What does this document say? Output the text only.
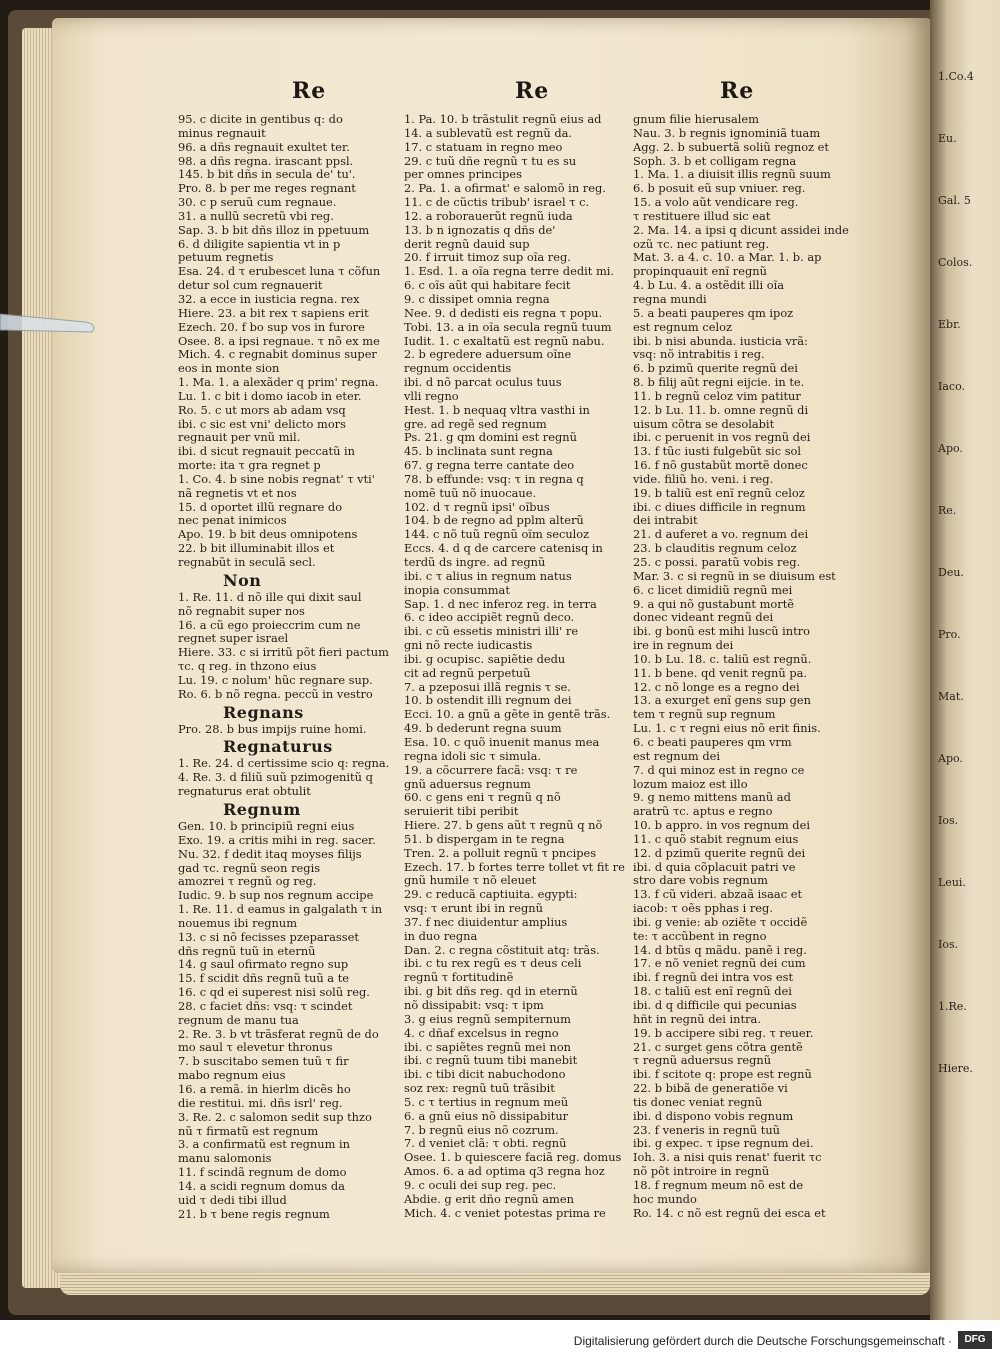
1.Co.4
Eu.
Gal. 5
Colos.
Ebr.
Iaco.
Apo.
Re.
Deu.
Pro.
Mat.
Apo.
Ios.
Leui.
Ios.
1.Re.
Hiere.
Re	Re	Re
95. c dicite in gentibus q: do
minus regnauit
96. a dñs regnauit exultet ter.
98. a dñs regna. irascant ppsl.
145. b bit dñs in secula de' tu'.
Pro. 8. b per me reges regnant
30. c p seruũ cum regnaue.
31. a nullũ secretũ vbi reg.
Sap. 3. b bit dñs illoz in ppetuum
6. d diligite sapientia vt in p
petuum regnetis
Esa. 24. d τ erubescet luna τ cõfun
detur sol cum regnauerit
32. a ecce in iusticia regna. rex
Hiere. 23. a bit rex τ sapiens erit
Ezech. 20. f bo sup vos in furore
Osee. 8. a ipsi regnaue. τ nõ ex me
Mich. 4. c regnabit dominus super
eos in monte sion
1. Ma. 1. a alexãder q prim' regna.
Lu. 1. c bit i domo iacob in eter.
Ro. 5. c ut mors ab adam vsq
ibi. c sic est vni' delicto mors
regnauit per vnũ mil.
ibi. d sicut regnauit peccatũ in
morte: ita τ gra regnet p
1. Co. 4. b sine nobis regnat' τ vti'
nã regnetis vt et nos
15. d oportet illũ regnare do
nec penat inimicos
Apo. 19. b bit deus omnipotens
22. b bit illuminabit illos et
regnabũt in seculã secl.
Non
1. Re. 11. d nõ ille qui dixit saul
nõ regnabit super nos
16. a cũ ego proieccrim cum ne
regnet super israel
Hiere. 33. c si irritũ põt fieri pactum
τc. q reg. in thzono eius
Lu. 19. c nolum' hũc regnare sup.
Ro. 6. b nõ regna. peccũ in vestro
Regnans
Pro. 28. b bus impijs ruine homi.
Regnaturus
1. Re. 24. d certissime scio q: regna.
4. Re. 3. d filiũ suũ pzimogenitũ q
regnaturus erat obtulit
Regnum
Gen. 10. b principiũ regni eius
Exo. 19. a critis mihi in reg. sacer.
Nu. 32. f dedit itaq moyses filijs
gad τc. regnũ seon regis
amozrei τ regnũ og reg.
Iudic. 9. b sup nos regnum accipe
1. Re. 11. d eamus in galgalath τ in
nouemus ibi regnum
13. c si nõ fecisses pzeparasset
dñs regnũ tuũ in eternũ
14. g saul ofirmato regno sup
15. f scidit dñs regnũ tuũ a te
16. c qd ei superest nisi solũ reg.
28. c faciet dñs: vsq: τ scindet
regnum de manu tua
2. Re. 3. b vt trãsferat regnũ de do
mo saul τ elevetur thronus
7. b suscitabo semen tuũ τ fir
mabo regnum eius
16. a remã. in hierlm dicẽs ho
die restitui. mi. dñs isrl' reg.
3. Re. 2. c salomon sedit sup thzo
nũ τ firmatũ est regnum
3. a confirmatũ est regnum in
manu salomonis
11. f scindã regnum de domo
14. a scidi regnum domus da
uid τ dedi tibi illud
21. b τ bene regis regnum
1. Pa. 10. b trãstulit regnũ eius ad
14. a sublevatũ est regnũ da.
17. c statuam in regno meo
29. c tuũ dñe regnũ τ tu es su
per omnes principes
2. Pa. 1. a ofirmat' e salomõ in reg.
11. c de cũctis tribub' israel τ c.
12. a roborauerũt regnũ iuda
13. b n ignozatis q dñs de'
derit regnũ dauid sup
20. f irruit timoz sup oĩa reg.
1. Esd. 1. a oĩa regna terre dedit mi.
6. c oĩs aũt qui habitare fecit
9. c dissipet omnia regna
Nee. 9. d dedisti eis regna τ popu.
Tobi. 13. a in oĩa secula regnũ tuum
Iudit. 1. c exaltatũ est regnũ nabu.
2. b egredere aduersum oĩne
regnum occidentis
ibi. d nõ parcat oculus tuus
vlli regno
Hest. 1. b nequaq vltra vasthi in
gre. ad regẽ sed regnum
Ps. 21. g qm domini est regnũ
45. b inclinata sunt regna
67. g regna terre cantate deo
78. b effunde: vsq: τ in regna q
nomẽ tuũ nõ inuocaue.
102. d τ regnũ ipsi' oĩbus
104. b de regno ad pplm alterũ
144. c nõ tuũ regnũ oĩm seculoz
Eccs. 4. d q de carcere catenisq in
terdũ ds ingre. ad regnũ
ibi. c τ alius in regnum natus
inopia consummat
Sap. 1. d nec inferoz reg. in terra
6. c ideo accipiẽt regnũ deco.
ibi. c cũ essetis ministri illi' re
gni nõ recte iudicastis
ibi. g ocupisc. sapiẽtie dedu
cit ad regnũ perpetuũ
7. a pzeposui illã regnis τ se.
10. b ostendit illi regnum dei
Ecci. 10. a gnũ a gẽte in gentẽ trãs.
49. b dederunt regna suum
Esa. 10. c quõ inuenit manus mea
regna idoli sic τ simula.
19. a cõcurrere facã: vsq: τ re
gnũ aduersus regnum
60. c gens eni τ regnũ q nõ
seruierit tibi peribit
Hiere. 27. b gens aũt τ regnũ q nõ
51. b dispergam in te regna
Tren. 2. a polluit regnũ τ pncipes
Ezech. 17. b fortes terre tollet vt fit re
gnũ humile τ nõ eleuet
29. c reducã captiuita. egypti:
vsq: τ erunt ibi in regnũ
37. f nec diuidentur amplius
in duo regna
Dan. 2. c regna cõstituit atq: trãs.
ibi. c tu rex regũ es τ deus celi
regnũ τ fortitudinẽ
ibi. g bit dñs reg. qd in eternũ
nõ dissipabit: vsq: τ ipm
3. g eius regnũ sempiternum
4. c dñaf excelsus in regno
ibi. c sapiẽtes regnũ mei non
ibi. c regnũ tuum tibi manebit
ibi. c tibi dicit nabuchodono
soz rex: regnũ tuũ trãsibit
5. c τ tertius in regnum meũ
6. a gnũ eius nõ dissipabitur
7. b regnũ eius nõ cozrum.
7. d veniet clã: τ obti. regnũ
Osee. 1. b quiescere faciã reg. domus
Amos. 6. a ad optima q3 regna hoz
9. c oculi dei sup reg. pec.
Abdie. g erit dño regnũ amen
Mich. 4. c veniet potestas prima re
gnum filie hierusalem
Nau. 3. b regnis ignominiã tuam
Agg. 2. b subuertã soliũ regnoz et
Soph. 3. b et colligam regna
1. Ma. 1. a diuisit illis regnũ suum
6. b posuit eũ sup vniuer. reg.
15. a volo aũt vendicare reg.
τ restituere illud sic eat
2. Ma. 14. a ipsi q dicunt assidei inde
ozũ τc. nec patiunt reg.
Mat. 3. a 4. c. 10. a Mar. 1. b. ap
propinquauit enĩ regnũ
4. b Lu. 4. a ostẽdit illi oĩa
regna mundi
5. a beati pauperes qm ipoz
est regnum celoz
ibi. b nisi abunda. iusticia vrã:
vsq: nõ intrabitis i reg.
6. b pzimũ querite regnũ dei
8. b filij aũt regni eijcie. in te.
11. b regnũ celoz vim patitur
12. b Lu. 11. b. omne regnũ di
uisum cõtra se desolabit
ibi. c peruenit in vos regnũ dei
13. f tũc iusti fulgebũt sic sol
16. f nõ gustabũt mortẽ donec
vide. filiũ ho. veni. i reg.
19. b taliũ est enĩ regnũ celoz
ibi. c diues difficile in regnum
dei intrabit
21. d auferet a vo. regnum dei
23. b clauditis regnum celoz
25. c possi. paratũ vobis reg.
Mar. 3. c si regnũ in se diuisum est
6. c licet dimidiũ regnũ mei
9. a qui nõ gustabunt mortẽ
donec videant regnũ dei
ibi. g bonũ est mihi luscũ intro
ire in regnum dei
10. b Lu. 18. c. taliũ est regnũ.
11. b bene. qd venit regnũ pa.
12. c nõ longe es a regno dei
13. a exurget enĩ gens sup gen
tem τ regnũ sup regnum
Lu. 1. c τ regni eius nõ erit finis.
6. c beati pauperes qm vrm
est regnum dei
7. d qui minoz est in regno ce
lozum maioz est illo
9. g nemo mittens manũ ad
aratrũ τc. aptus e regno
10. b appro. in vos regnum dei
11. c quõ stabit regnum eius
12. d pzimũ querite regnũ dei
ibi. d quia cõplacuit patri ve
stro dare vobis regnum
13. f cũ videri. abzaã isaac et
iacob: τ oẽs pphas i reg.
ibi. g venie: ab oziẽte τ occidẽ
te: τ accũbent in regno
14. d btũs q mãdu. panẽ i reg.
17. e nõ veniet regnũ dei cum
ibi. f regnũ dei intra vos est
18. c taliũ est enĩ regnũ dei
ibi. d q difficile qui pecunias
hñt in regnũ dei intra.
19. b accipere sibi reg. τ reuer.
21. c surget gens cõtra gentẽ
τ regnũ aduersus regnũ
ibi. f scitote q: prope est regnũ
22. b bibã de generatiõe vi
tis donec veniat regnũ
ibi. d dispono vobis regnum
23. f veneris in regnũ tuũ
ibi. g expec. τ ipse regnum dei.
Ioh. 3. a nisi quis renat' fuerit τc
nõ põt introire in regnũ
18. f regnum meum nõ est de
hoc mundo
Ro. 14. c nõ est regnũ dei esca et
Digitalisierung gefördert durch die Deutsche Forschungsgemeinschaft ·	DFG
